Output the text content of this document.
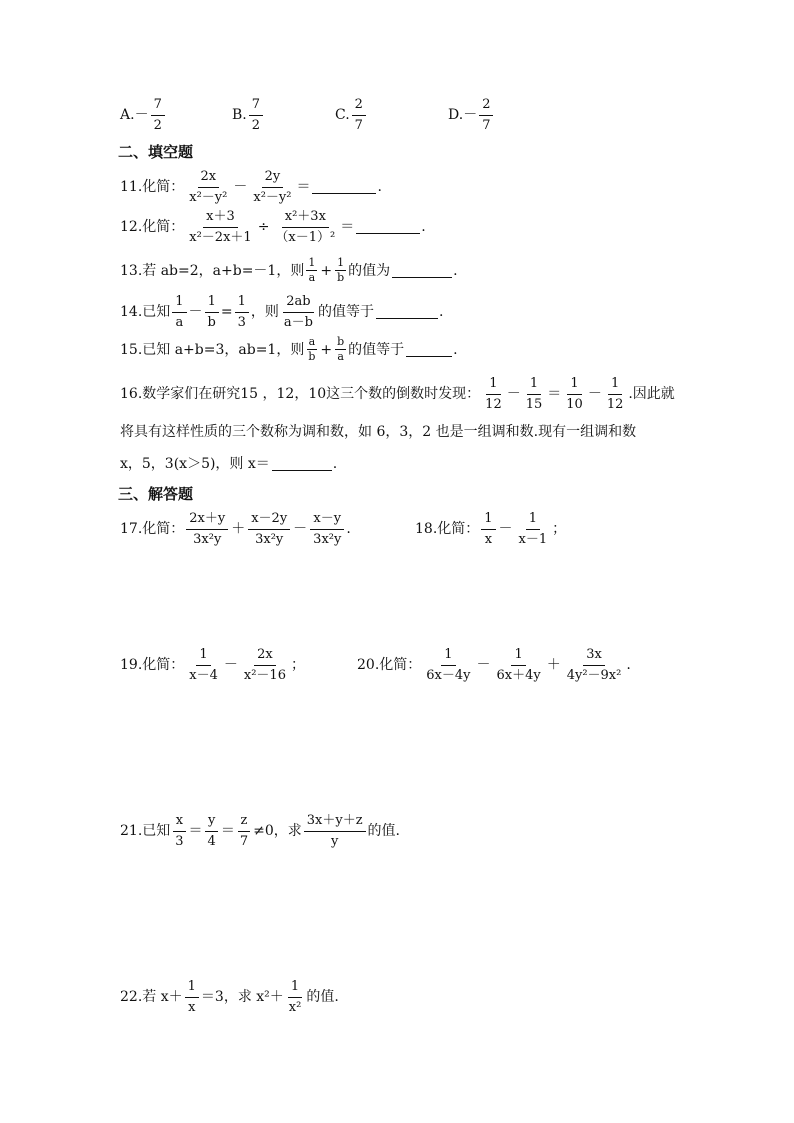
A. －
7
2
B.
7
2
C.
2
7
D. －
2
7
二、填空题
11.化简：
2x
x²－y²
－
2y
x²－y²
＝	.
12.化简： $\frac{x+3}{\text{x²－2x＋1}} \div \frac{\text{x²＋3x}}{\text{（x－1）²}}$ ＝	.
13.若 ab=2，a+b=－1，则
1
$a + \frac{1}{b}$ 的值为	.
14.已知
1
a
－ $\frac{1}{b} = \frac{1}{3}$ ，则
2ab
a－b
的值等于	.
15.已知 a+b=3，ab=1，则
a
$b + \frac{b}{a}$ 的值等于	.
16.数学家们在研究15 ，12，10这三个数的倒数时发现：
1
12
－
1
15
＝
1
10
－
1
12
.因此就
将具有这样性质的三个数称为调和数，如 6，3，2 也是一组调和数.现有一组调和数
x，5，3(x＞5)，则 x＝	.
三、解答题
17.化简：
2x＋y
3x²y
＋
x－2y
3x²y
－
x－y
3x²y
.	18.化简：
1
x
－
1
x－1
；
19.化简：
1
x－4
－
2x
x²－16
；	20.化简：
1
6x－4y
－
1
6x＋4y
＋
3x
4y²－9x²
.
21.已知
x
3
＝
y
4
＝
z
7
≠0，求
3x＋y＋z
y
的值.
22.若 x＋
1
x
＝3，求 x²＋
1
x²
的值.
